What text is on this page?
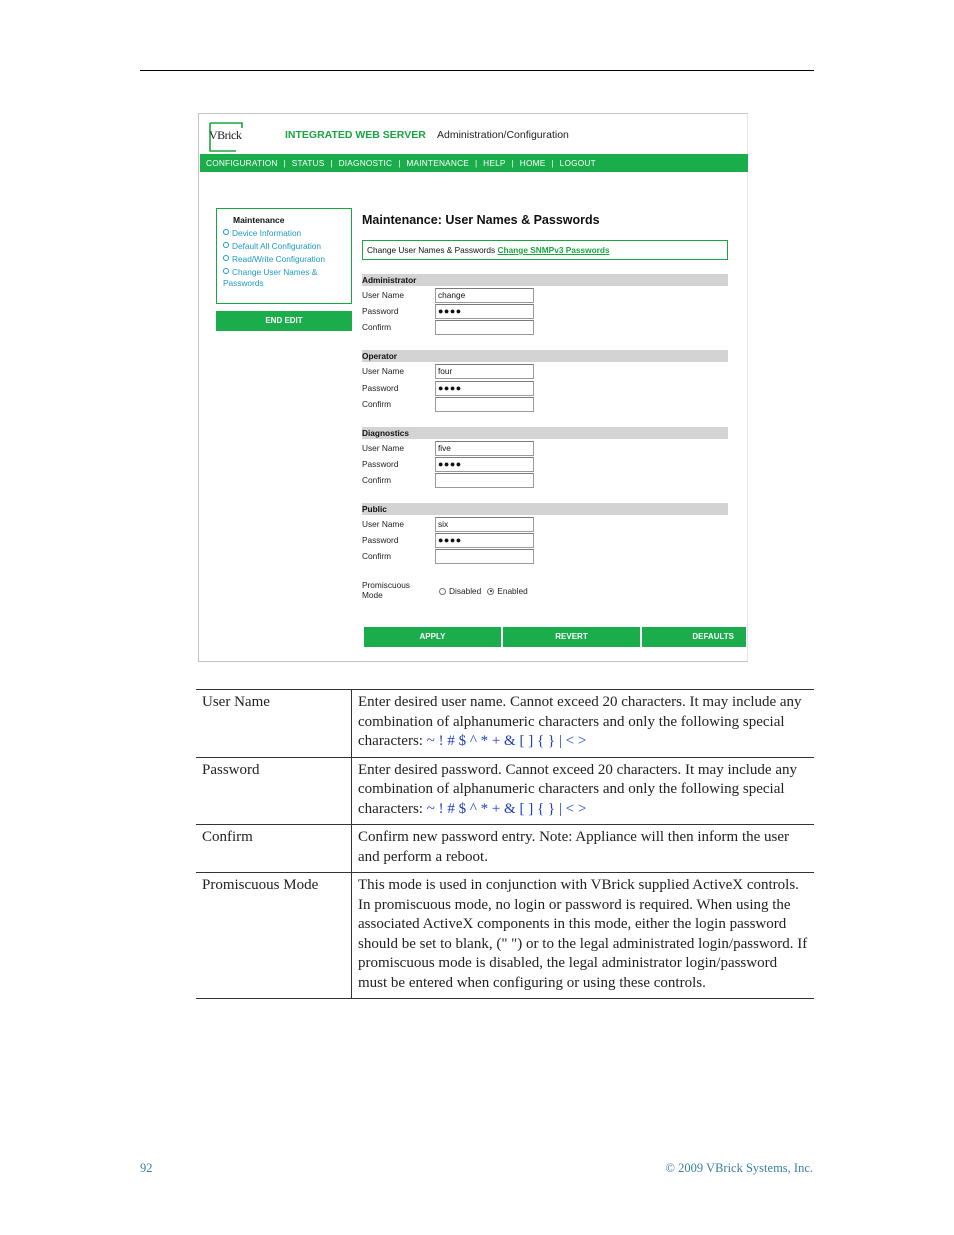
VBrick	INTEGRATED WEB SERVER Administration/Configuration
CONFIGURATION | STATUS | DIAGNOSTIC | MAINTENANCE | HELP | HOME | LOGOUT
Maintenance
Device Information
Default All Configuration
Read/Write Configuration
Change User Names & Passwords
END EDIT
Maintenance: User Names & Passwords
Change User Names & Passwords Change SNMPv3 Passwords
Administrator
User Name	change
Password	●●●●
Confirm
Operator
User Name	four
Password	●●●●
Confirm
Diagnostics
User Name	five
Password	●●●●
Confirm
Public
User Name	six
Password	●●●●
Confirm
Promiscuous Mode	Disabled Enabled
APPLY	REVERT	DEFAULTS
User Name	Enter desired user name. Cannot exceed 20 characters. It may include any combination of alphanumeric characters and only the following special characters: ~ ! # $ ^ * + & [ ] { } | < >
Password	Enter desired password. Cannot exceed 20 characters. It may include any combination of alphanumeric characters and only the following special characters: ~ ! # $ ^ * + & [ ] { } | < >
Confirm	Confirm new password entry. Note: Appliance will then inform the user and perform a reboot.
Promiscuous Mode	This mode is used in conjunction with VBrick supplied ActiveX controls. In promiscuous mode, no login or password is required. When using the associated ActiveX components in this mode, either the login password should be set to blank, (" ") or to the legal administrated login/password. If promiscuous mode is disabled, the legal administrator login/password must be entered when configuring or using these controls.
92	© 2009 VBrick Systems, Inc.
